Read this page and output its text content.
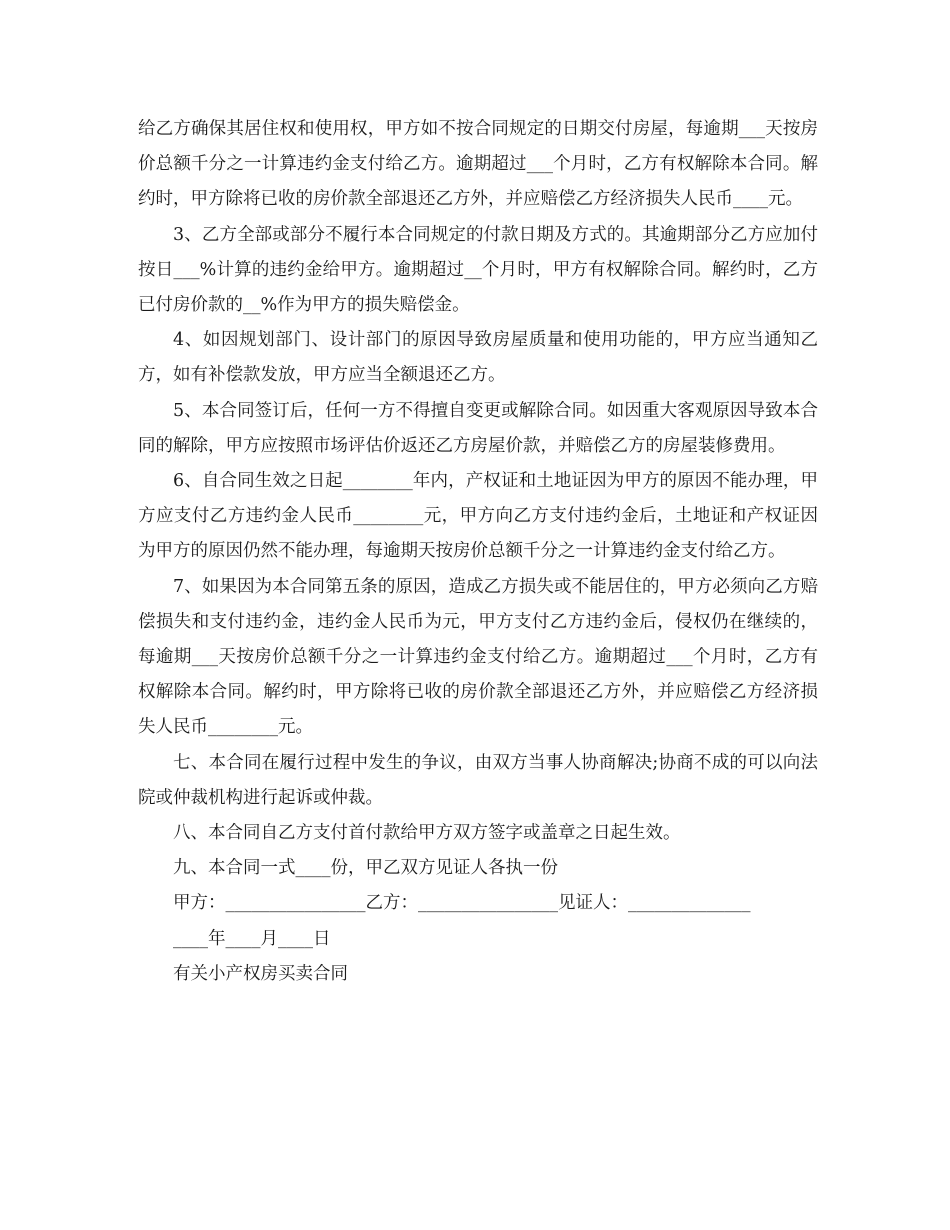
给乙方确保其居住权和使用权，甲方如不按合同规定的日期交付房屋，每逾期___天按房价总额千分之一计算违约金支付给乙方。逾期超过___个月时，乙方有权解除本合同。解约时，甲方除将已收的房价款全部退还乙方外，并应赔偿乙方经济损失人民币____元。
3、乙方全部或部分不履行本合同规定的付款日期及方式的。其逾期部分乙方应加付按日___%计算的违约金给甲方。逾期超过__个月时，甲方有权解除合同。解约时，乙方已付房价款的__%作为甲方的损失赔偿金。
4、如因规划部门、设计部门的原因导致房屋质量和使用功能的，甲方应当通知乙方，如有补偿款发放，甲方应当全额退还乙方。
5、本合同签订后，任何一方不得擅自变更或解除合同。如因重大客观原因导致本合同的解除，甲方应按照市场评估价返还乙方房屋价款，并赔偿乙方的房屋装修费用。
6、自合同生效之日起________年内，产权证和土地证因为甲方的原因不能办理，甲方应支付乙方违约金人民币________元，甲方向乙方支付违约金后，土地证和产权证因为甲方的原因仍然不能办理，每逾期天按房价总额千分之一计算违约金支付给乙方。
7、如果因为本合同第五条的原因，造成乙方损失或不能居住的，甲方必须向乙方赔偿损失和支付违约金，违约金人民币为元，甲方支付乙方违约金后，侵权仍在继续的，每逾期___天按房价总额千分之一计算违约金支付给乙方。逾期超过___个月时，乙方有权解除本合同。解约时，甲方除将已收的房价款全部退还乙方外，并应赔偿乙方经济损失人民币________元。
七、本合同在履行过程中发生的争议，由双方当事人协商解决;协商不成的可以向法院或仲裁机构进行起诉或仲裁。
八、本合同自乙方支付首付款给甲方双方签字或盖章之日起生效。
九、本合同一式____份，甲乙双方见证人各执一份
甲方：________________乙方：________________见证人：______________
____年____月____日
有关小产权房买卖合同
